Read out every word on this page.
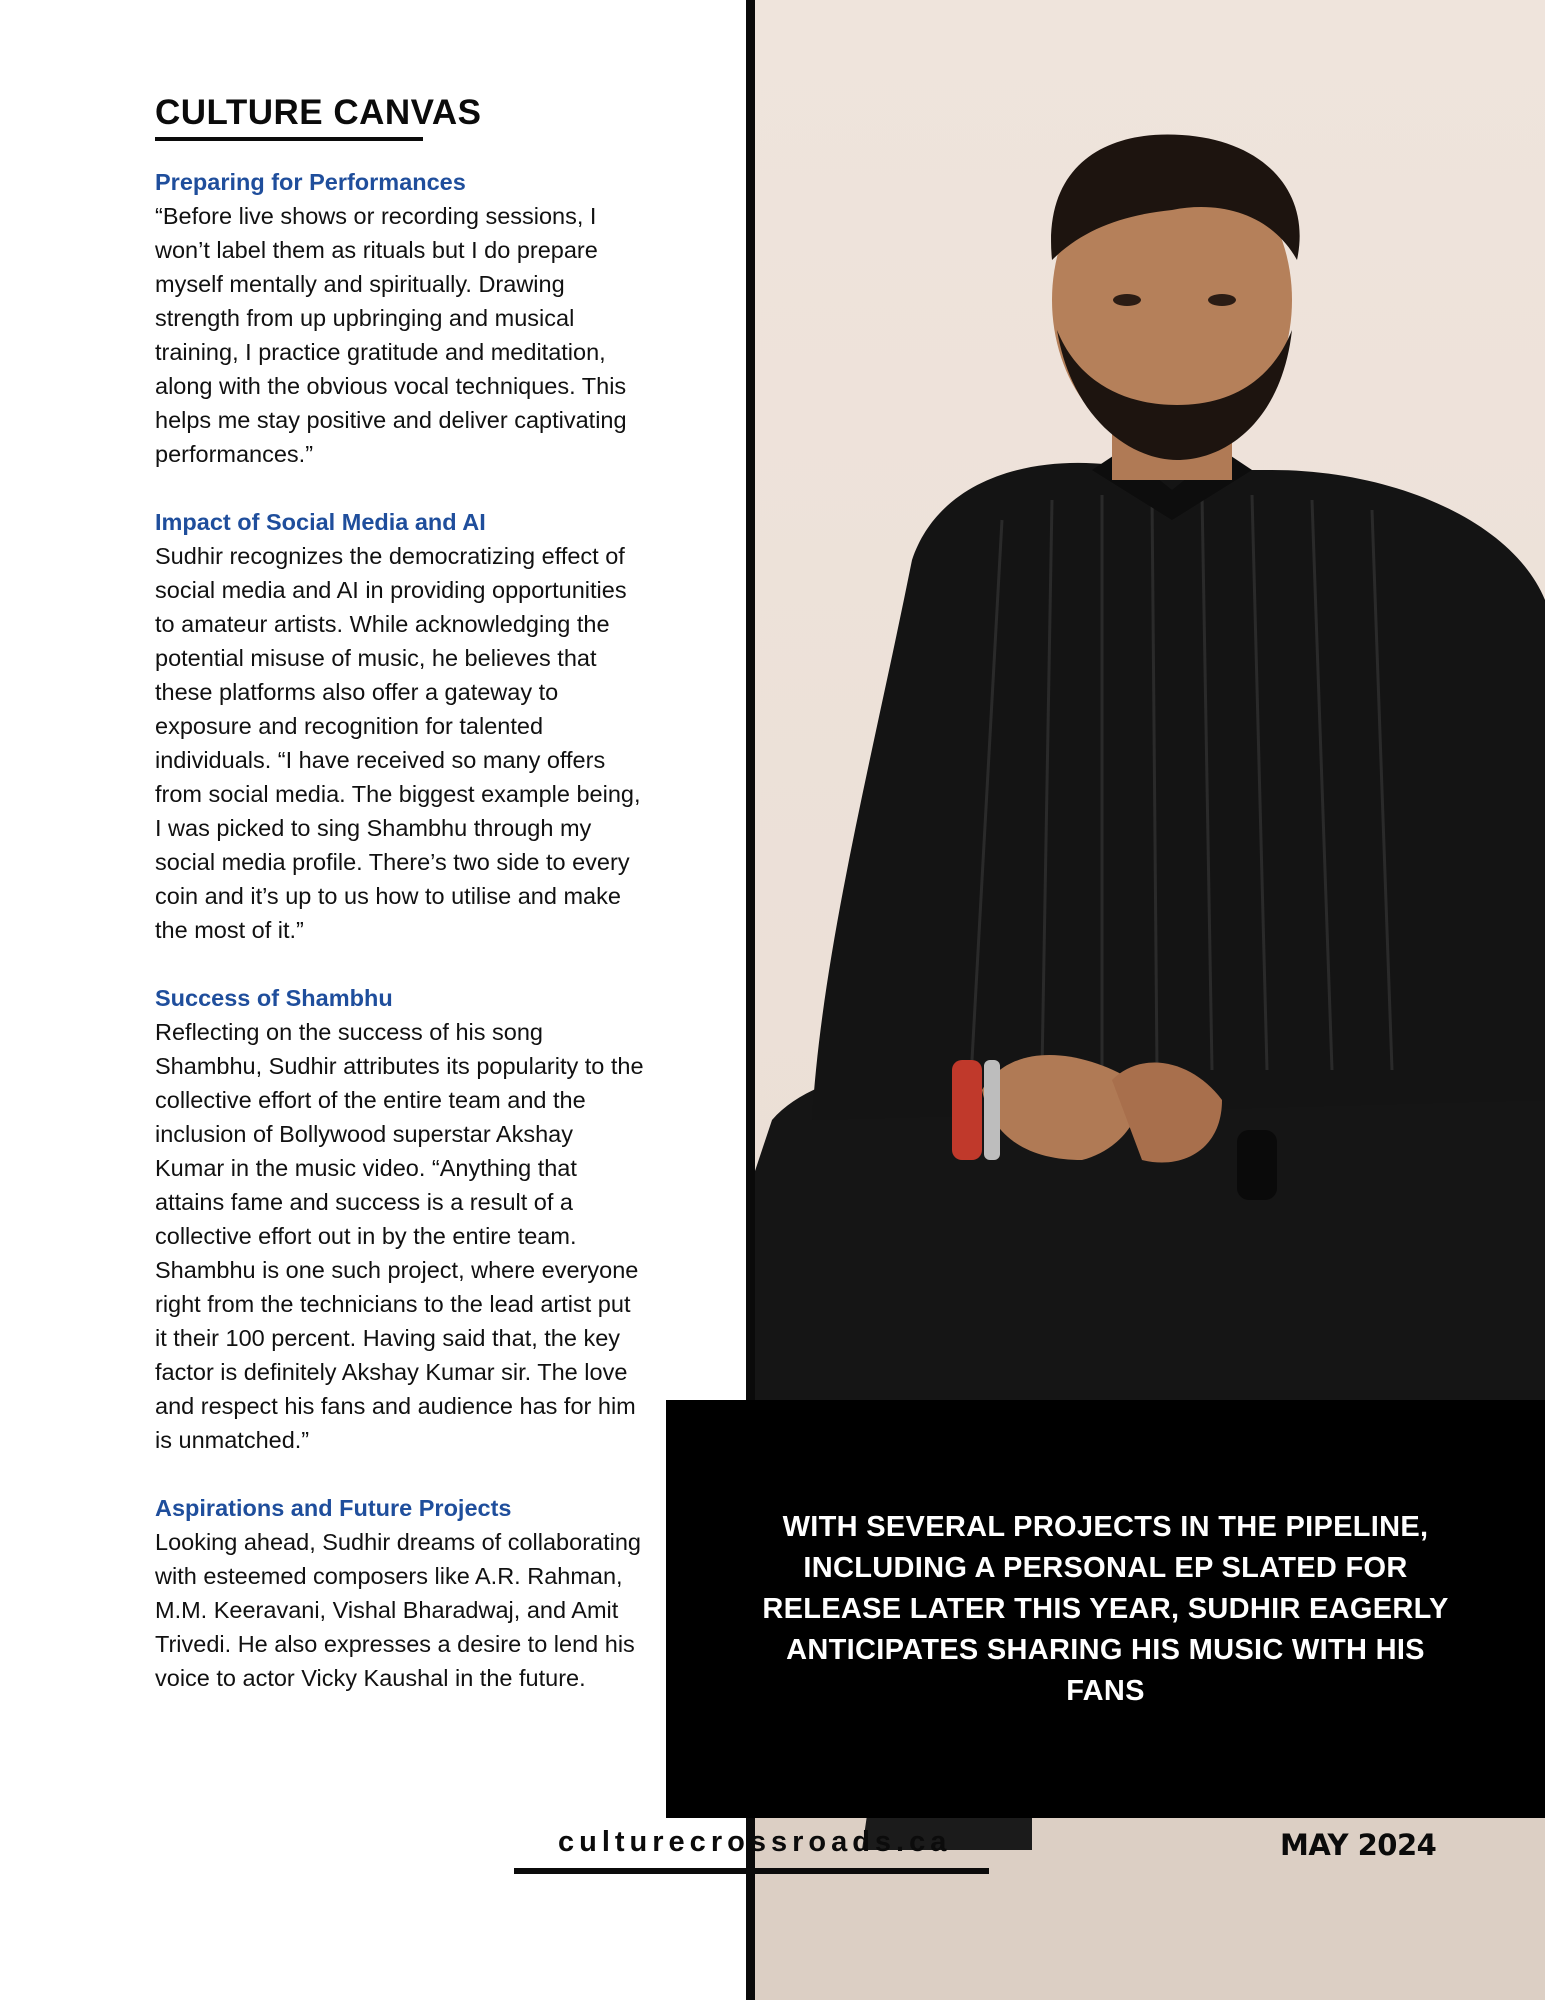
CULTURE CANVAS
Preparing for Performances

“Before live shows or recording sessions, I won’t label them as rituals but I do prepare myself mentally and spiritually. Drawing strength from up upbringing and musical training, I practice gratitude and meditation, along with the obvious vocal techniques. This helps me stay positive and deliver captivating performances.”

Impact of Social Media and AI

Sudhir recognizes the democratizing effect of social media and AI in providing opportunities to amateur artists. While acknowledging the potential misuse of music, he believes that these platforms also offer a gateway to exposure and recognition for talented individuals. “I have received so many offers from social media. The biggest example being, I was picked to sing Shambhu through my social media profile. There’s two side to every coin and it’s up to us how to utilise and make the most of it.”

Success of Shambhu

Reflecting on the success of his song Shambhu, Sudhir attributes its popularity to the collective effort of the entire team and the inclusion of Bollywood superstar Akshay Kumar in the music video. “Anything that attains fame and success is a result of a collective effort out in by the entire team. Shambhu is one such project, where everyone right from the technicians to the lead artist put it their 100 percent. Having said that, the key factor is definitely Akshay Kumar sir. The love and respect his fans and audience has for him is unmatched.”

Aspirations and Future Projects

Looking ahead, Sudhir dreams of collaborating with esteemed composers like A.R. Rahman, M.M. Keeravani, Vishal Bharadwaj, and Amit Trivedi. He also expresses a desire to lend his voice to actor Vicky Kaushal in the future.

WITH SEVERAL PROJECTS IN THE PIPELINE, INCLUDING A PERSONAL EP SLATED FOR RELEASE LATER THIS YEAR, SUDHIR EAGERLY ANTICIPATES SHARING HIS MUSIC WITH HIS FANS
culturecrossroads.ca	MAY 2024
